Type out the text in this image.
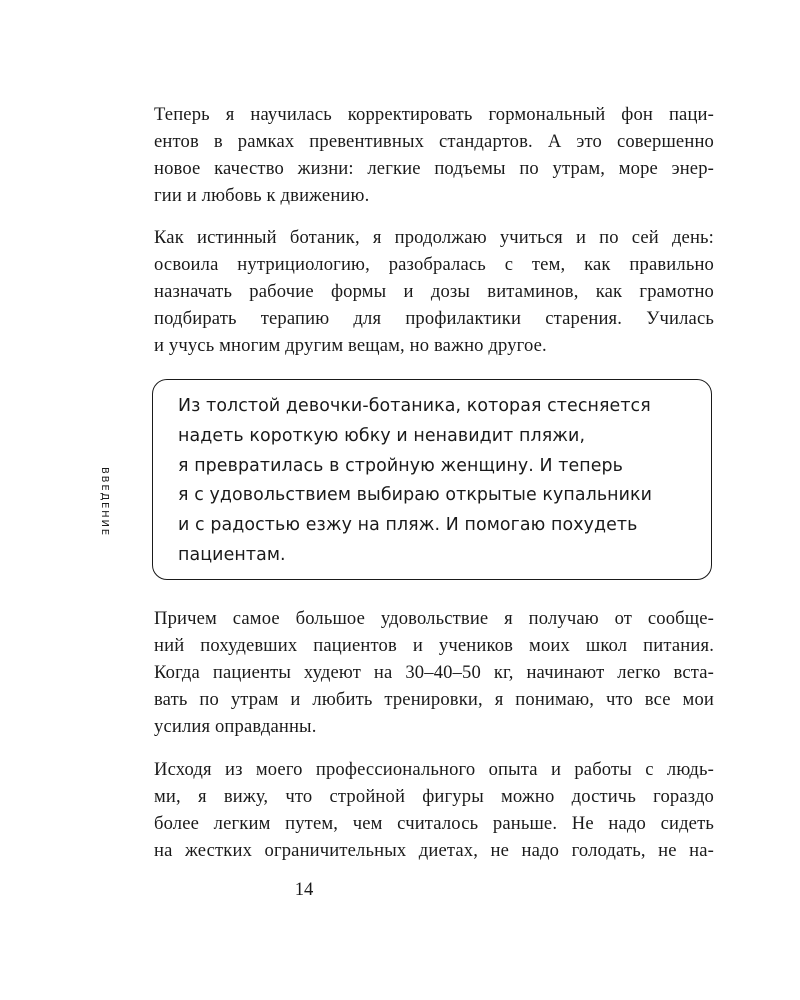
ВВЕДЕНИЕ

Теперь я научилась корректировать гормональный фон паци-
ентов в рамках превентивных стандартов. А это совершенно
новое качество жизни: легкие подъемы по утрам, море энер-
гии и любовь к движению.

Как истинный ботаник, я продолжаю учиться и по сей день:
освоила нутрициологию, разобралась с тем, как правильно
назначать рабочие формы и дозы витаминов, как грамотно
подбирать терапию для профилактики старения. Училась
и учусь многим другим вещам, но важно другое.

Из толстой девочки-ботаника, которая стесняется
надеть короткую юбку и ненавидит пляжи,
я превратилась в стройную женщину. И теперь
я с удовольствием выбираю открытые купальники
и с радостью езжу на пляж. И помогаю похудеть
пациентам.

Причем самое большое удовольствие я получаю от сообще-
ний похудевших пациентов и учеников моих школ питания.
Когда пациенты худеют на 30–40–50 кг, начинают легко вста-
вать по утрам и любить тренировки, я понимаю, что все мои
усилия оправданны.

Исходя из моего профессионального опыта и работы с людь-
ми, я вижу, что стройной фигуры можно достичь гораздо
более легким путем, чем считалось раньше. Не надо сидеть
на жестких ограничительных диетах, не надо голодать, не на-

14
